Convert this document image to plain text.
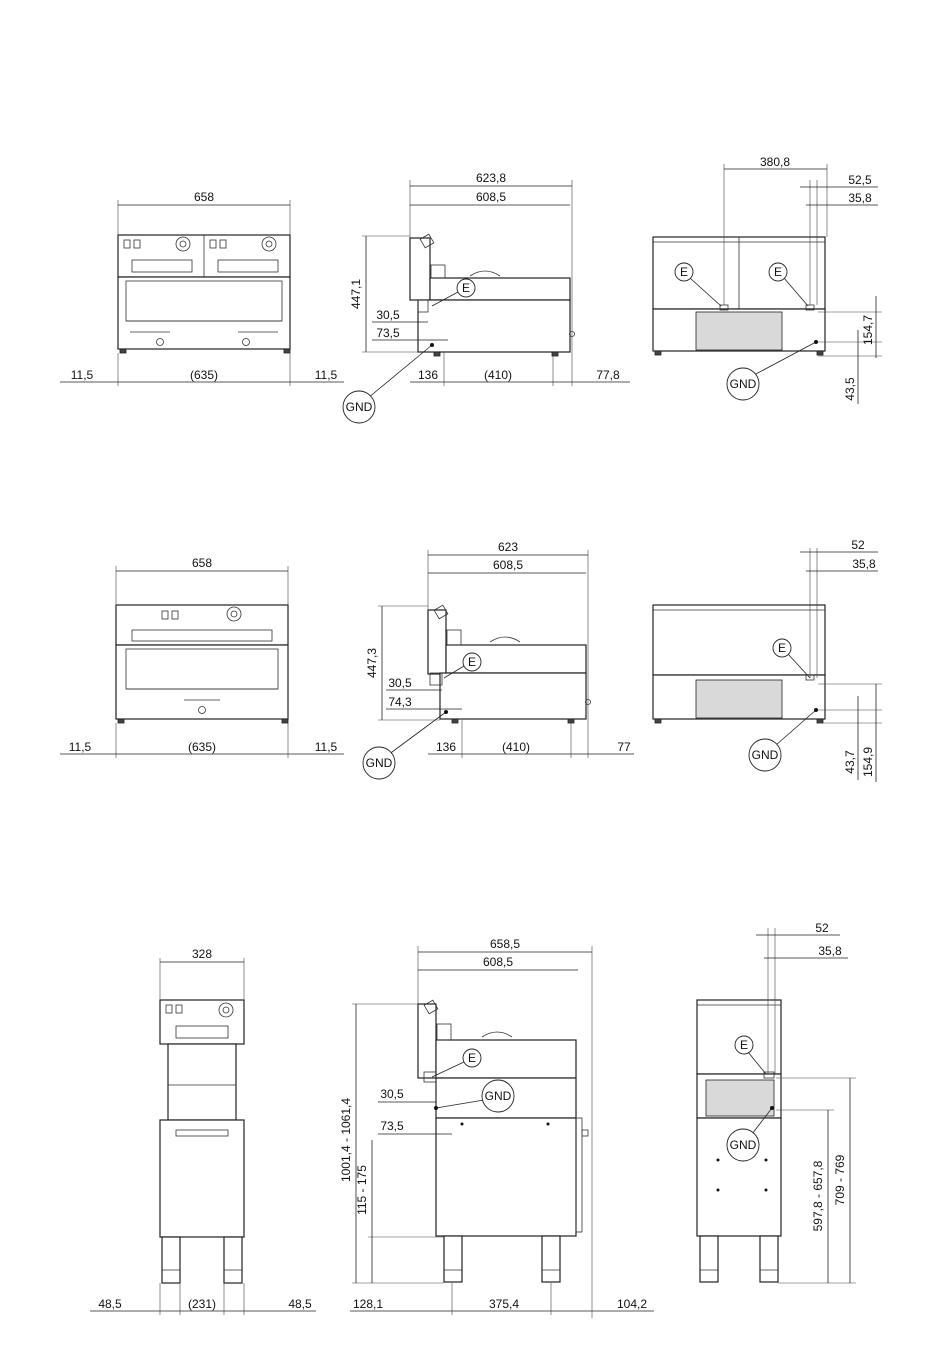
658
11,5	(635)	11,5
623,8
608,5
447,1
30,5
73,5
136	(410)	77,8
E
GND
380,8
52,5
35,8
154,7
43,5
E	E
GND
658
11,5	(635)	11,5
623
608,5
447,3
30,5
74,3
136	(410)	77
E
GND
52
35,8
43,7 154,9
E
GND
328
48,5	(231)	48,5
658,5
608,5
1001,4 - 1061,4
115 - 175
30,5
73,5
128,1	375,4	104,2
E
GND
52
35,8
597,8 - 657,8 709 - 769
E
GND
